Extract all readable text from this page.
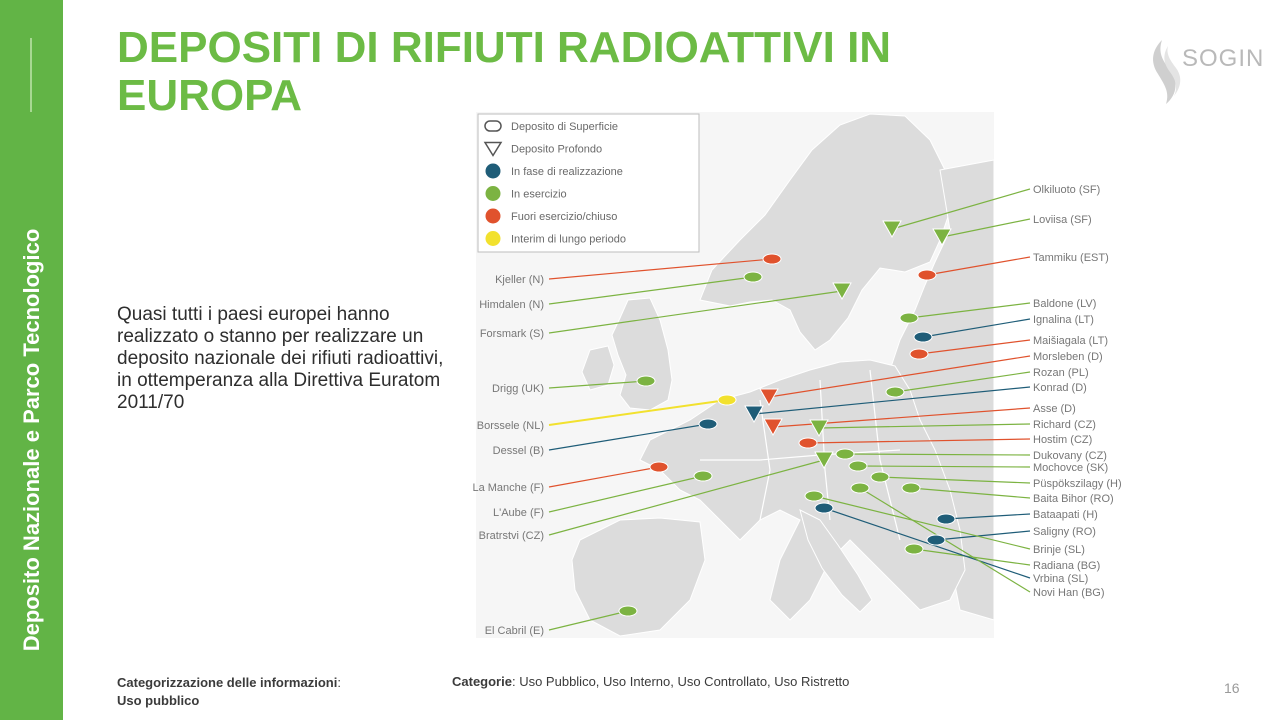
Deposito Nazionale e Parco Tecnologico
DEPOSITI DI RIFIUTI RADIOATTIVI IN EUROPA

Quasi tutti i paesi europei hanno realizzato o stanno per realizzare un deposito nazionale dei rifiuti radioattivi, in ottemperanza alla Direttiva Euratom 2011/70

SOGIN
Deposito di Superficie
Deposito Profondo
In fase di realizzazione
In esercizio
Fuori esercizio/chiuso
Interim di lungo periodo
Kjeller (N)
Himdalen (N)
Forsmark (S)
Drigg (UK)
Borssele (NL)
Dessel (B)
La Manche (F)
L'Aube (F)
Bratrstvi (CZ)
El Cabril (E)
Olkiluoto (SF)
Loviisa (SF)
Tammiku (EST)
Baldone (LV)
Ignalina (LT)
Maišiagala (LT)
Morsleben (D)
Rozan (PL)
Konrad (D)
Asse (D)
Richard (CZ)
Hostim (CZ)
Dukovany (CZ)
Mochovce (SK)
Püspökszilagy (H)
Baita Bihor (RO)
Bataapati (H)
Saligny (RO)
Brinje (SL)
Radiana (BG)
Vrbina (SL)
Novi Han (BG)
Categorizzazione delle informazioni:
Uso pubblico
Categorie: Uso Pubblico, Uso Interno, Uso Controllato, Uso Ristretto	16
